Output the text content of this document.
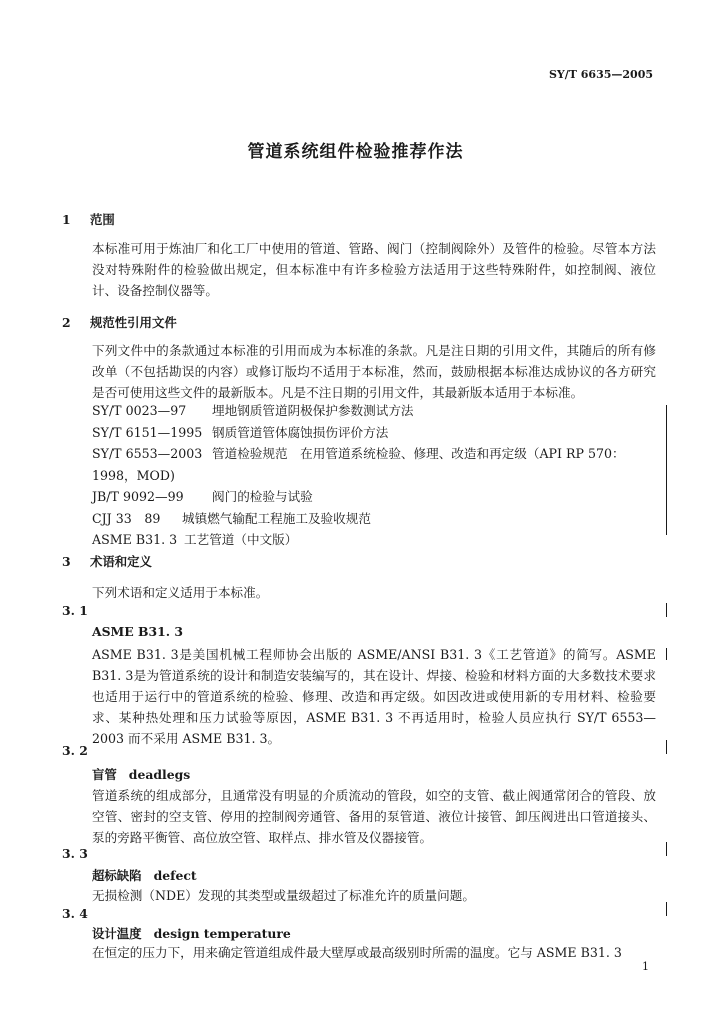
SY/T 6635—2005
管道系统组件检验推荐作法
1 范围
本标准可用于炼油厂和化工厂中使用的管道、管路、阀门（控制阀除外）及管件的检验。尽管本方法没对特殊附件的检验做出规定，但本标准中有许多检验方法适用于这些特殊附件，如控制阀、液位计、设备控制仪器等。
2 规范性引用文件
下列文件中的条款通过本标准的引用而成为本标准的条款。凡是注日期的引用文件，其随后的所有修改单（不包括勘误的内容）或修订版均不适用于本标准，然而，鼓励根据本标准达成协议的各方研究是否可使用这些文件的最新版本。凡是不注日期的引用文件，其最新版本适用于本标准。
SY/T 0023—97 埋地钢质管道阴极保护参数测试方法
SY/T 6151—1995 钢质管道管体腐蚀损伤评价方法
SY/T 6553—2003 管道检验规范　在用管道系统检验、修理、改造和再定级（API RP 570：
1998，MOD)
JB/T 9092—99 阀门的检验与试验
CJJ 33　89 城镇燃气输配工程施工及验收规范
ASME B31. 3 工艺管道（中文版）
3 术语和定义
下列术语和定义适用于本标准。
3. 1
ASME B31. 3
ASME B31. 3是美国机械工程师协会出版的 ASME/ANSI B31. 3《工艺管道》的简写。ASME B31. 3是为管道系统的设计和制造安装编写的，其在设计、焊接、检验和材料方面的大多数技术要求也适用于运行中的管道系统的检验、修理、改造和再定级。如因改进或使用新的专用材料、检验要求、某种热处理和压力试验等原因，ASME B31. 3 不再适用时，检验人员应执行 SY/T 6553—2003 而不采用 ASME B31. 3。
3. 2
盲管 deadlegs
管道系统的组成部分，且通常没有明显的介质流动的管段，如空的支管、截止阀通常闭合的管段、放空管、密封的空支管、停用的控制阀旁通管、备用的泵管道、液位计接管、卸压阀进出口管道接头、泵的旁路平衡管、高位放空管、取样点、排水管及仪器接管。
3. 3
超标缺陷 defect
无损检测（NDE）发现的其类型或量级超过了标准允许的质量问题。
3. 4
设计温度 design temperature
在恒定的压力下，用来确定管道组成件最大壁厚或最高级别时所需的温度。它与 ASME B31. 3
1
